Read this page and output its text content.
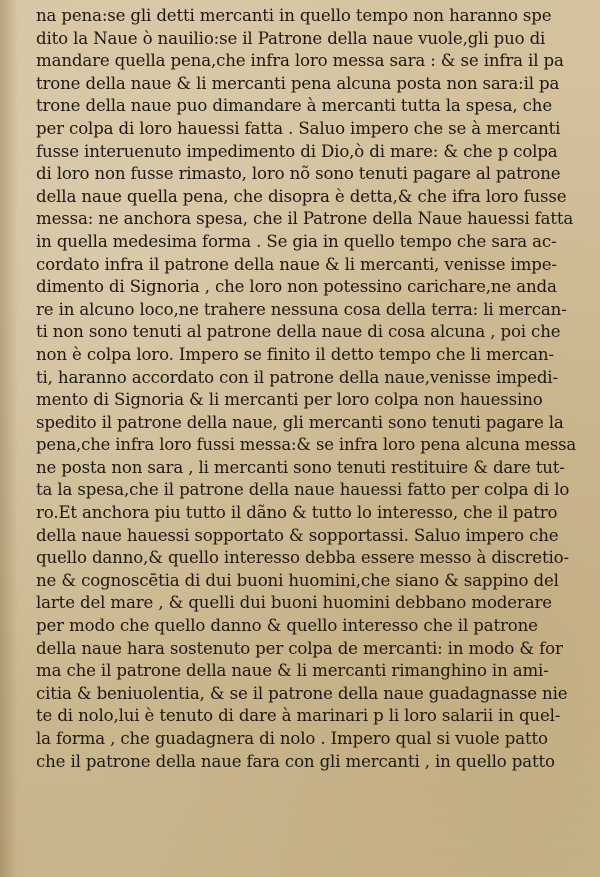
na pena:se gli detti mercanti in quello tempo non haranno spe
dito la Naue ò nauilio:se il Patrone della naue vuole,gli puo di
mandare quella pena,che infra loro messa sara : & se infra il pa
trone della naue & li mercanti pena alcuna posta non sara:il pa
trone della naue puo dimandare à mercanti tutta la spesa, che
per colpa di loro hauessi fatta . Saluo impero che se à mercanti
fusse interuenuto impedimento di Dio,ò di mare: & che p colpa
di loro non fusse rimasto, loro nõ sono tenuti pagare al patrone
della naue quella pena, che disopra è detta,& che ifra loro fusse
messa: ne anchora spesa, che il Patrone della Naue hauessi fatta
in quella medesima forma . Se gia in quello tempo che sara ac-
cordato infra il patrone della naue & li mercanti, venisse impe-
dimento di Signoria , che loro non potessino carichare,ne anda
re in alcuno loco,ne trahere nessuna cosa della terra: li mercan-
ti non sono tenuti al patrone della naue di cosa alcuna , poi che
non è colpa loro. Impero se finito il detto tempo che li mercan-
ti, haranno accordato con il patrone della naue,venisse impedi-
mento di Signoria & li mercanti per loro colpa non hauessino
spedito il patrone della naue, gli mercanti sono tenuti pagare la
pena,che infra loro fussi messa:& se infra loro pena alcuna messa
ne posta non sara , li mercanti sono tenuti restituire & dare tut-
ta la spesa,che il patrone della naue hauessi fatto per colpa di lo
ro.Et anchora piu tutto il dãno & tutto lo interesso, che il patro
della naue hauessi sopportato & sopportassi. Saluo impero che
quello danno,& quello interesso debba essere messo à discretio-
ne & cognoscētia di dui buoni huomini,che siano & sappino del
larte del mare , & quelli dui buoni huomini debbano moderare
per modo che quello danno & quello interesso che il patrone
della naue hara sostenuto per colpa de mercanti: in modo & for
ma che il patrone della naue & li mercanti rimanghino in ami-
citia & beniuolentia, & se il patrone della naue guadagnasse nie
te di nolo,lui è tenuto di dare à marinari p li loro salarii in quel-
la forma , che guadagnera di nolo . Impero qual si vuole patto
che il patrone della naue fara con gli mercanti , in quello patto
